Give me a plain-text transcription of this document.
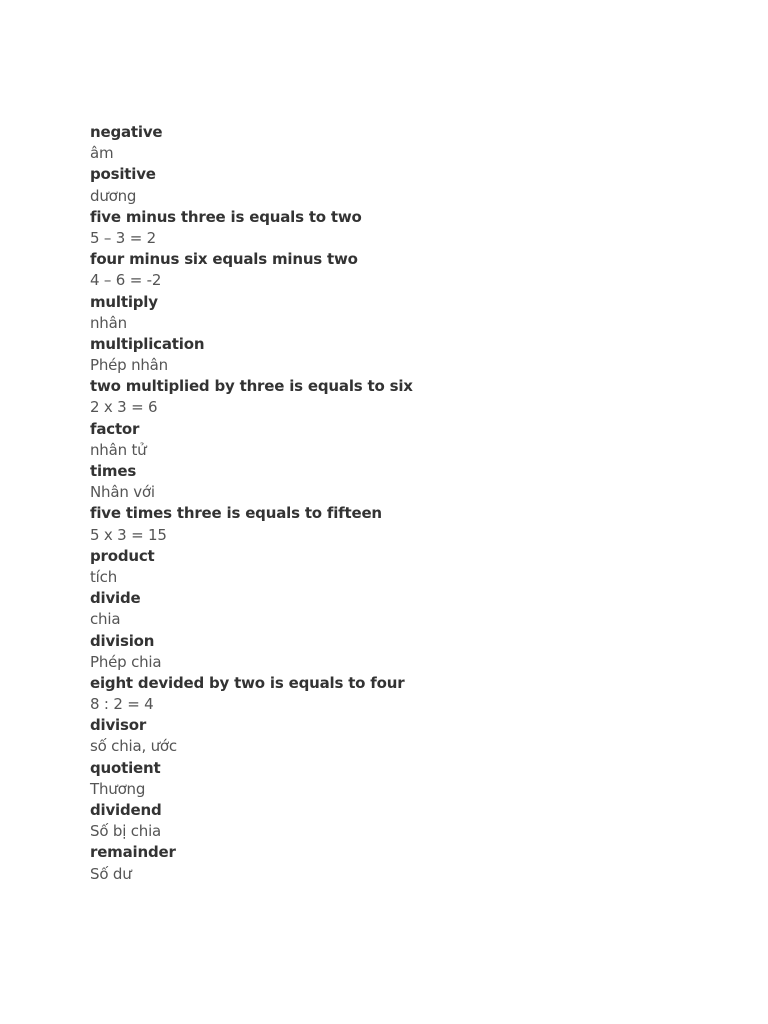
negative
âm
positive
dương
five minus three is equals to two
5 – 3 = 2
four minus six equals minus two
4 – 6 = -2
multiply
nhân
multiplication
Phép nhân
two multiplied by three is equals to six
2 x 3 = 6
factor
nhân tử
times
Nhân với
five times three is equals to fifteen
5 x 3 = 15
product
tích
divide
chia
division
Phép chia
eight devided by two is equals to four
8 : 2 = 4
divisor
số chia, ước
quotient
Thương
dividend
Số bị chia
remainder
Số dư
